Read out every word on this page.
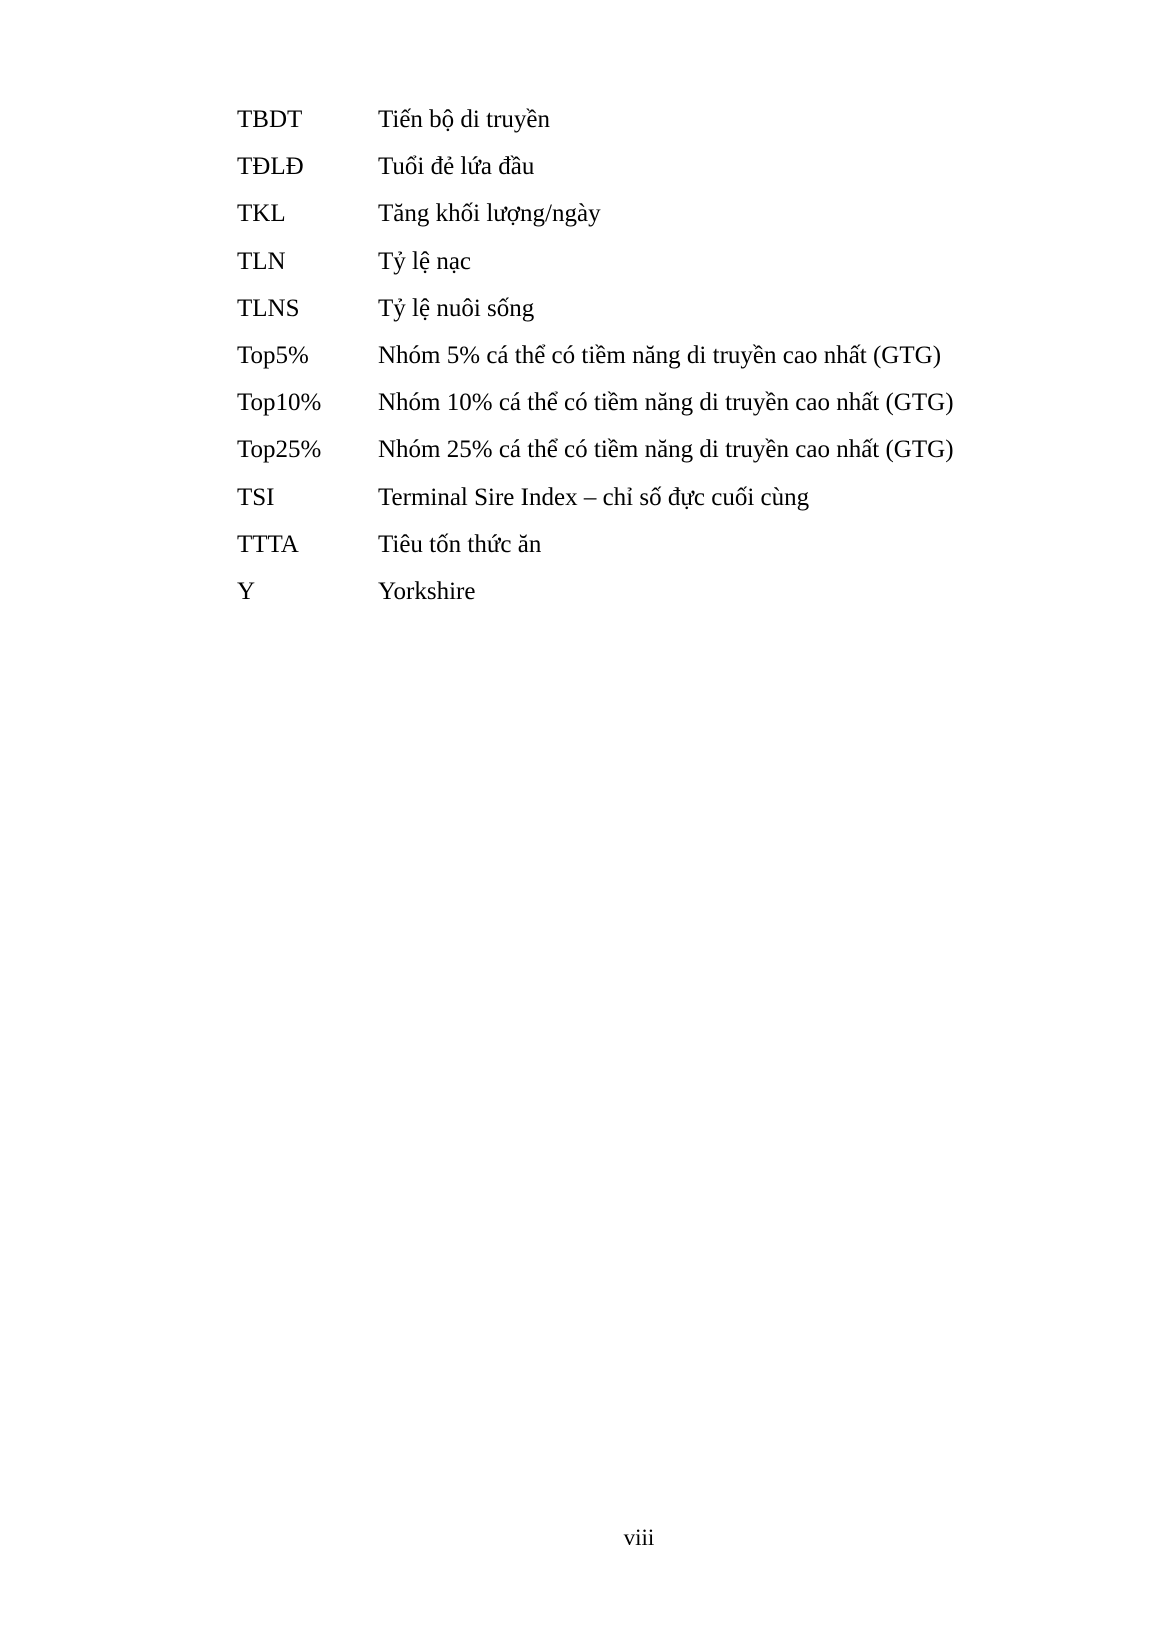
TBDT	Tiến bộ di truyền
TĐLĐ	Tuổi đẻ lứa đầu
TKL	Tăng khối lượng/ngày
TLN	Tỷ lệ nạc
TLNS	Tỷ lệ nuôi sống
Top5%	Nhóm 5% cá thể có tiềm năng di truyền cao nhất (GTG)
Top10%	Nhóm 10% cá thể có tiềm năng di truyền cao nhất (GTG)
Top25%	Nhóm 25% cá thể có tiềm năng di truyền cao nhất (GTG)
TSI	Terminal Sire Index – chỉ số đực cuối cùng
TTTA	Tiêu tốn thức ăn
Y	Yorkshire
viii
